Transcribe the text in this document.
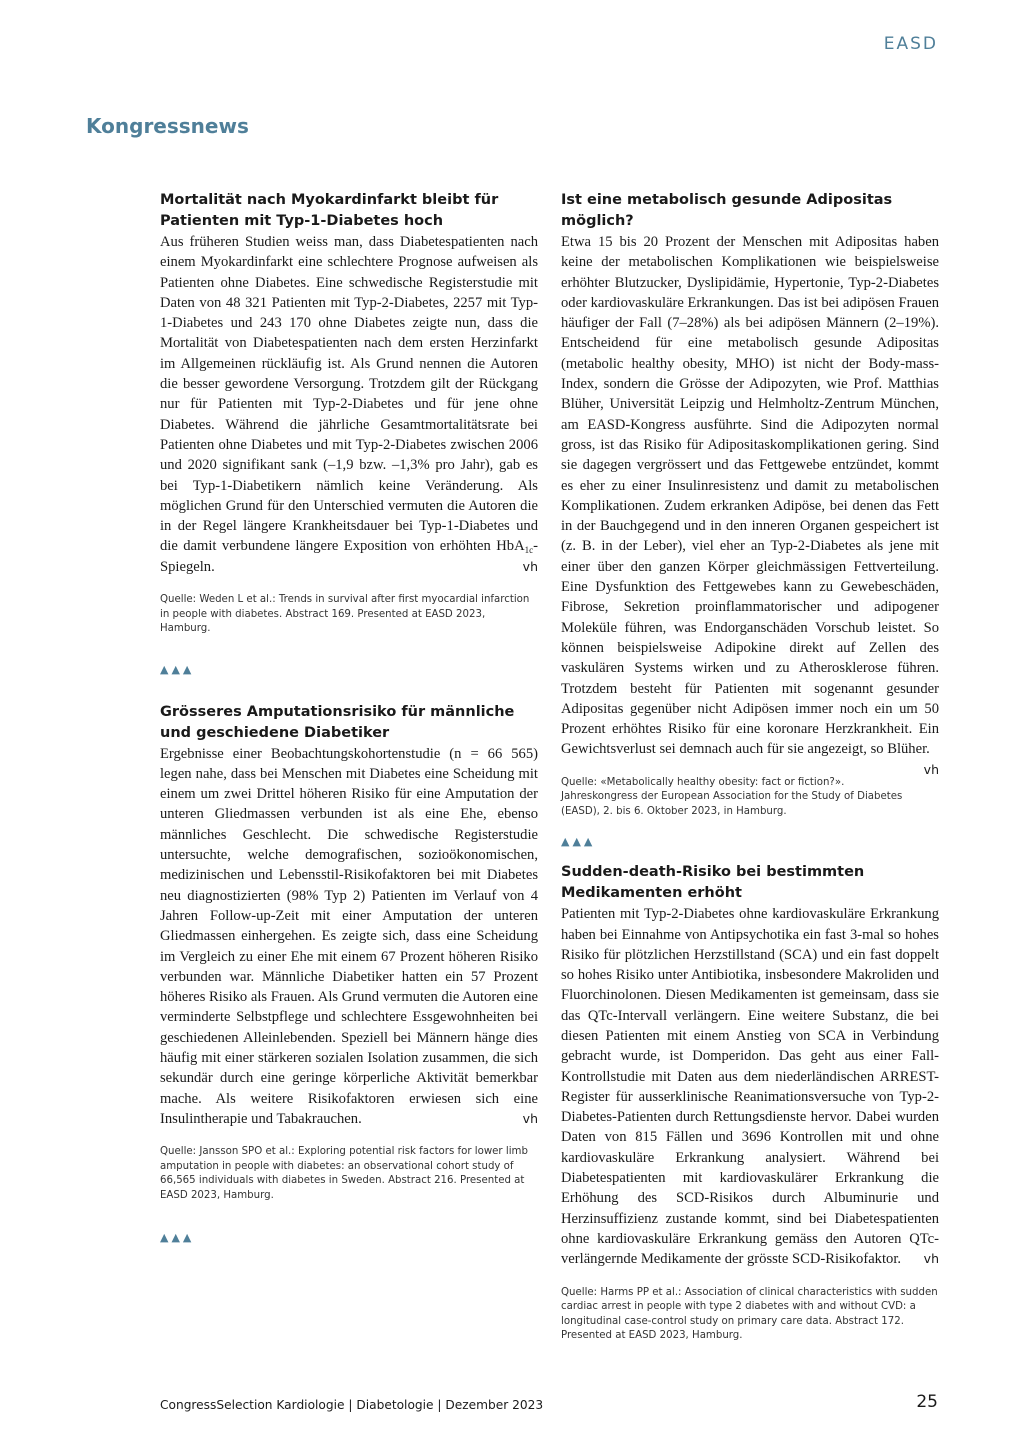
EASD
Kongressnews
Mortalität nach Myokardinfarkt bleibt für Patienten mit Typ-1-Diabetes hoch

Aus früheren Studien weiss man, dass Diabetespatienten nach einem Myokardinfarkt eine schlechtere Prognose aufweisen als Patienten ohne Diabetes. Eine schwedische Registerstudie mit Daten von 48 321 Patienten mit Typ-2-Diabetes, 2257 mit Typ-1-Diabetes und 243 170 ohne Diabetes zeigte nun, dass die Mortalität von Diabetespatienten nach dem ersten Herzinfarkt im Allgemeinen rückläufig ist. Als Grund nennen die Autoren die besser gewordene Versorgung. Trotzdem gilt der Rückgang nur für Patienten mit Typ-2-Diabetes und für jene ohne Diabetes. Während die jährliche Gesamtmortalitätsrate bei Patienten ohne Diabetes und mit Typ-2-Diabetes zwischen 2006 und 2020 signifikant sank (–1,9 bzw. –1,3% pro Jahr), gab es bei Typ-1-Diabetikern nämlich keine Veränderung. Als möglichen Grund für den Unterschied vermuten die Autoren die in der Regel längere Krankheitsdauer bei Typ-1-Diabetes und die damit verbundene längere Exposition von erhöhten HbA$_{1c}$-Spiegeln.	vh

Quelle: Weden L et al.: Trends in survival after first myocardial infarction in people with diabetes. Abstract 169. Presented at EASD 2023, Hamburg.

▲▲▲

Grösseres Amputationsrisiko für männliche und geschiedene Diabetiker

Ergebnisse einer Beobachtungskohortenstudie (n = 66 565) legen nahe, dass bei Menschen mit Diabetes eine Scheidung mit einem um zwei Drittel höheren Risiko für eine Amputation der unteren Gliedmassen verbunden ist als eine Ehe, ebenso männliches Geschlecht. Die schwedische Registerstudie untersuchte, welche demografischen, sozioökonomischen, medizinischen und Lebensstil-Risikofaktoren bei mit Diabetes neu diagnostizierten (98% Typ 2) Patienten im Verlauf von 4 Jahren Follow-up-Zeit mit einer Amputation der unteren Gliedmassen einhergehen. Es zeigte sich, dass eine Scheidung im Vergleich zu einer Ehe mit einem 67 Prozent höheren Risiko verbunden war. Männliche Diabetiker hatten ein 57 Prozent höheres Risiko als Frauen. Als Grund vermuten die Autoren eine verminderte Selbstpflege und schlechtere Essgewohnheiten bei geschiedenen Alleinlebenden. Speziell bei Männern hänge dies häufig mit einer stärkeren sozialen Isolation zusammen, die sich sekundär durch eine geringe körperliche Aktivität bemerkbar mache. Als weitere Risikofaktoren erwiesen sich eine Insulintherapie und Tabakrauchen.	vh

Quelle: Jansson SPO et al.: Exploring potential risk factors for lower limb amputation in people with diabetes: an observational cohort study of 66,565 individuals with diabetes in Sweden. Abstract 216. Presented at EASD 2023, Hamburg.

▲▲▲

Ist eine metabolisch gesunde Adipositas möglich?

Etwa 15 bis 20 Prozent der Menschen mit Adipositas haben keine der metabolischen Komplikationen wie beispielsweise erhöhter Blutzucker, Dyslipidämie, Hypertonie, Typ-2-Diabetes oder kardiovaskuläre Erkrankungen. Das ist bei adipösen Frauen häufiger der Fall (7–28%) als bei adipösen Männern (2–19%). Entscheidend für eine metabolisch gesunde Adipositas (metabolic healthy obesity, MHO) ist nicht der Body-mass-Index, sondern die Grösse der Adipozyten, wie Prof. Matthias Blüher, Universität Leipzig und Helmholtz-Zentrum München, am EASD-Kongress ausführte. Sind die Adipozyten normal gross, ist das Risiko für Adipositaskomplikationen gering. Sind sie dagegen vergrössert und das Fettgewebe entzündet, kommt es eher zu einer Insulinresistenz und damit zu metabolischen Komplikationen. Zudem erkranken Adipöse, bei denen das Fett in der Bauchgegend und in den inneren Organen gespeichert ist (z. B. in der Leber), viel eher an Typ-2-Diabetes als jene mit einer über den ganzen Körper gleichmässigen Fettverteilung. Eine Dysfunktion des Fettgewebes kann zu Gewebeschäden, Fibrose, Sekretion proinflammatorischer und adipogener Moleküle führen, was Endorganschäden Vorschub leistet. So können beispielsweise Adipokine direkt auf Zellen des vaskulären Systems wirken und zu Atherosklerose führen. Trotzdem besteht für Patienten mit sogenannt gesunder Adipositas gegenüber nicht Adipösen immer noch ein um 50 Prozent erhöhtes Risiko für eine koronare Herzkrankheit. Ein Gewichtsverlust sei demnach auch für sie angezeigt, so Blüher.
vh

Quelle: «Metabolically healthy obesity: fact or fiction?». Jahreskongress der European Association for the Study of Diabetes (EASD), 2. bis 6. Oktober 2023, in Hamburg.

▲▲▲

Sudden-death-Risiko bei bestimmten Medikamenten erhöht

Patienten mit Typ-2-Diabetes ohne kardiovaskuläre Erkrankung haben bei Einnahme von Antipsychotika ein fast 3-mal so hohes Risiko für plötzlichen Herzstillstand (SCA) und ein fast doppelt so hohes Risiko unter Antibiotika, insbesondere Makroliden und Fluorchinolonen. Diesen Medikamenten ist gemeinsam, dass sie das QTc-Intervall verlängern. Eine weitere Substanz, die bei diesen Patienten mit einem Anstieg von SCA in Verbindung gebracht wurde, ist Domperidon. Das geht aus einer Fall-Kontrollstudie mit Daten aus dem niederländischen ARREST-Register für ausserklinische Reanimationsversuche von Typ-2-Diabetes-Patienten durch Rettungsdienste hervor. Dabei wurden Daten von 815 Fällen und 3696 Kontrollen mit und ohne kardiovaskuläre Erkrankung analysiert. Während bei Diabetespatienten mit kardiovaskulärer Erkrankung die Erhöhung des SCD-Risikos durch Albuminurie und Herzinsuffizienz zustande kommt, sind bei Diabetespatienten ohne kardiovaskuläre Erkrankung gemäss den Autoren QTc-verlängernde Medikamente der grösste SCD-Risikofaktor. vh

Quelle: Harms PP et al.: Association of clinical characteristics with sudden cardiac arrest in people with type 2 diabetes with and without CVD: a longitudinal case-control study on primary care data. Abstract 172. Presented at EASD 2023, Hamburg.

CongressSelection Kardiologie | Diabetologie | Dezember 2023	25
